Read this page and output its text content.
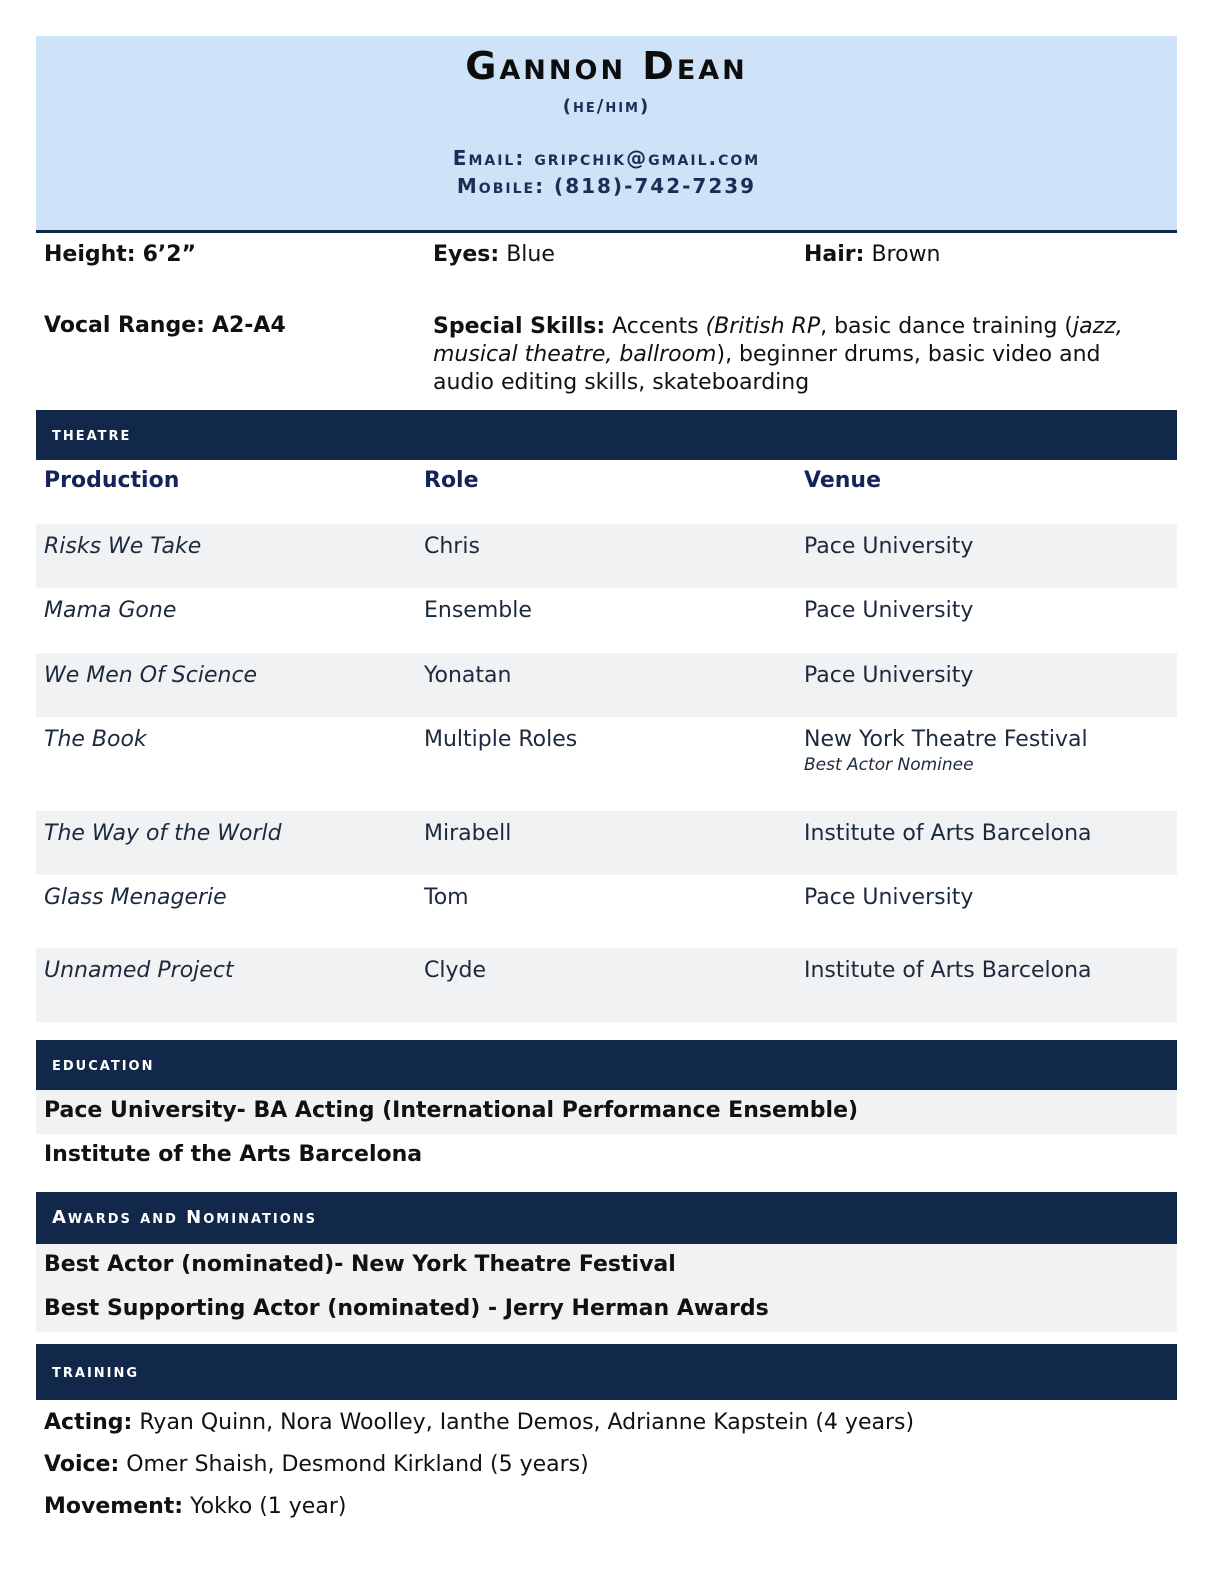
Gannon Dean
(he/him)
Email: gripchik@gmail.com
Mobile: (818)-742-7239
Height: 6’2”	Eyes: Blue	Hair: Brown
Vocal Range: A2-A4	Special Skills: Accents (British RP, basic dance training (jazz, musical theatre, ballroom), beginner drums, basic video and audio editing skills, skateboarding
theatre
Production	Role	Venue
Risks We Take	Chris	Pace University
Mama Gone	Ensemble	Pace University
We Men Of Science	Yonatan	Pace University
The Book	Multiple Roles	New York Theatre Festival
Best Actor Nominee
The Way of the World	Mirabell	Institute of Arts Barcelona
Glass Menagerie	Tom	Pace University
Unnamed Project	Clyde	Institute of Arts Barcelona
education
Pace University- BA Acting (International Performance Ensemble)
Institute of the Arts Barcelona
Awards and Nominations
Best Actor (nominated)- New York Theatre Festival
Best Supporting Actor (nominated) - Jerry Herman Awards
training
Acting: Ryan Quinn, Nora Woolley, Ianthe Demos, Adrianne Kapstein (4 years)
Voice: Omer Shaish, Desmond Kirkland (5 years)
Movement: Yokko (1 year)
